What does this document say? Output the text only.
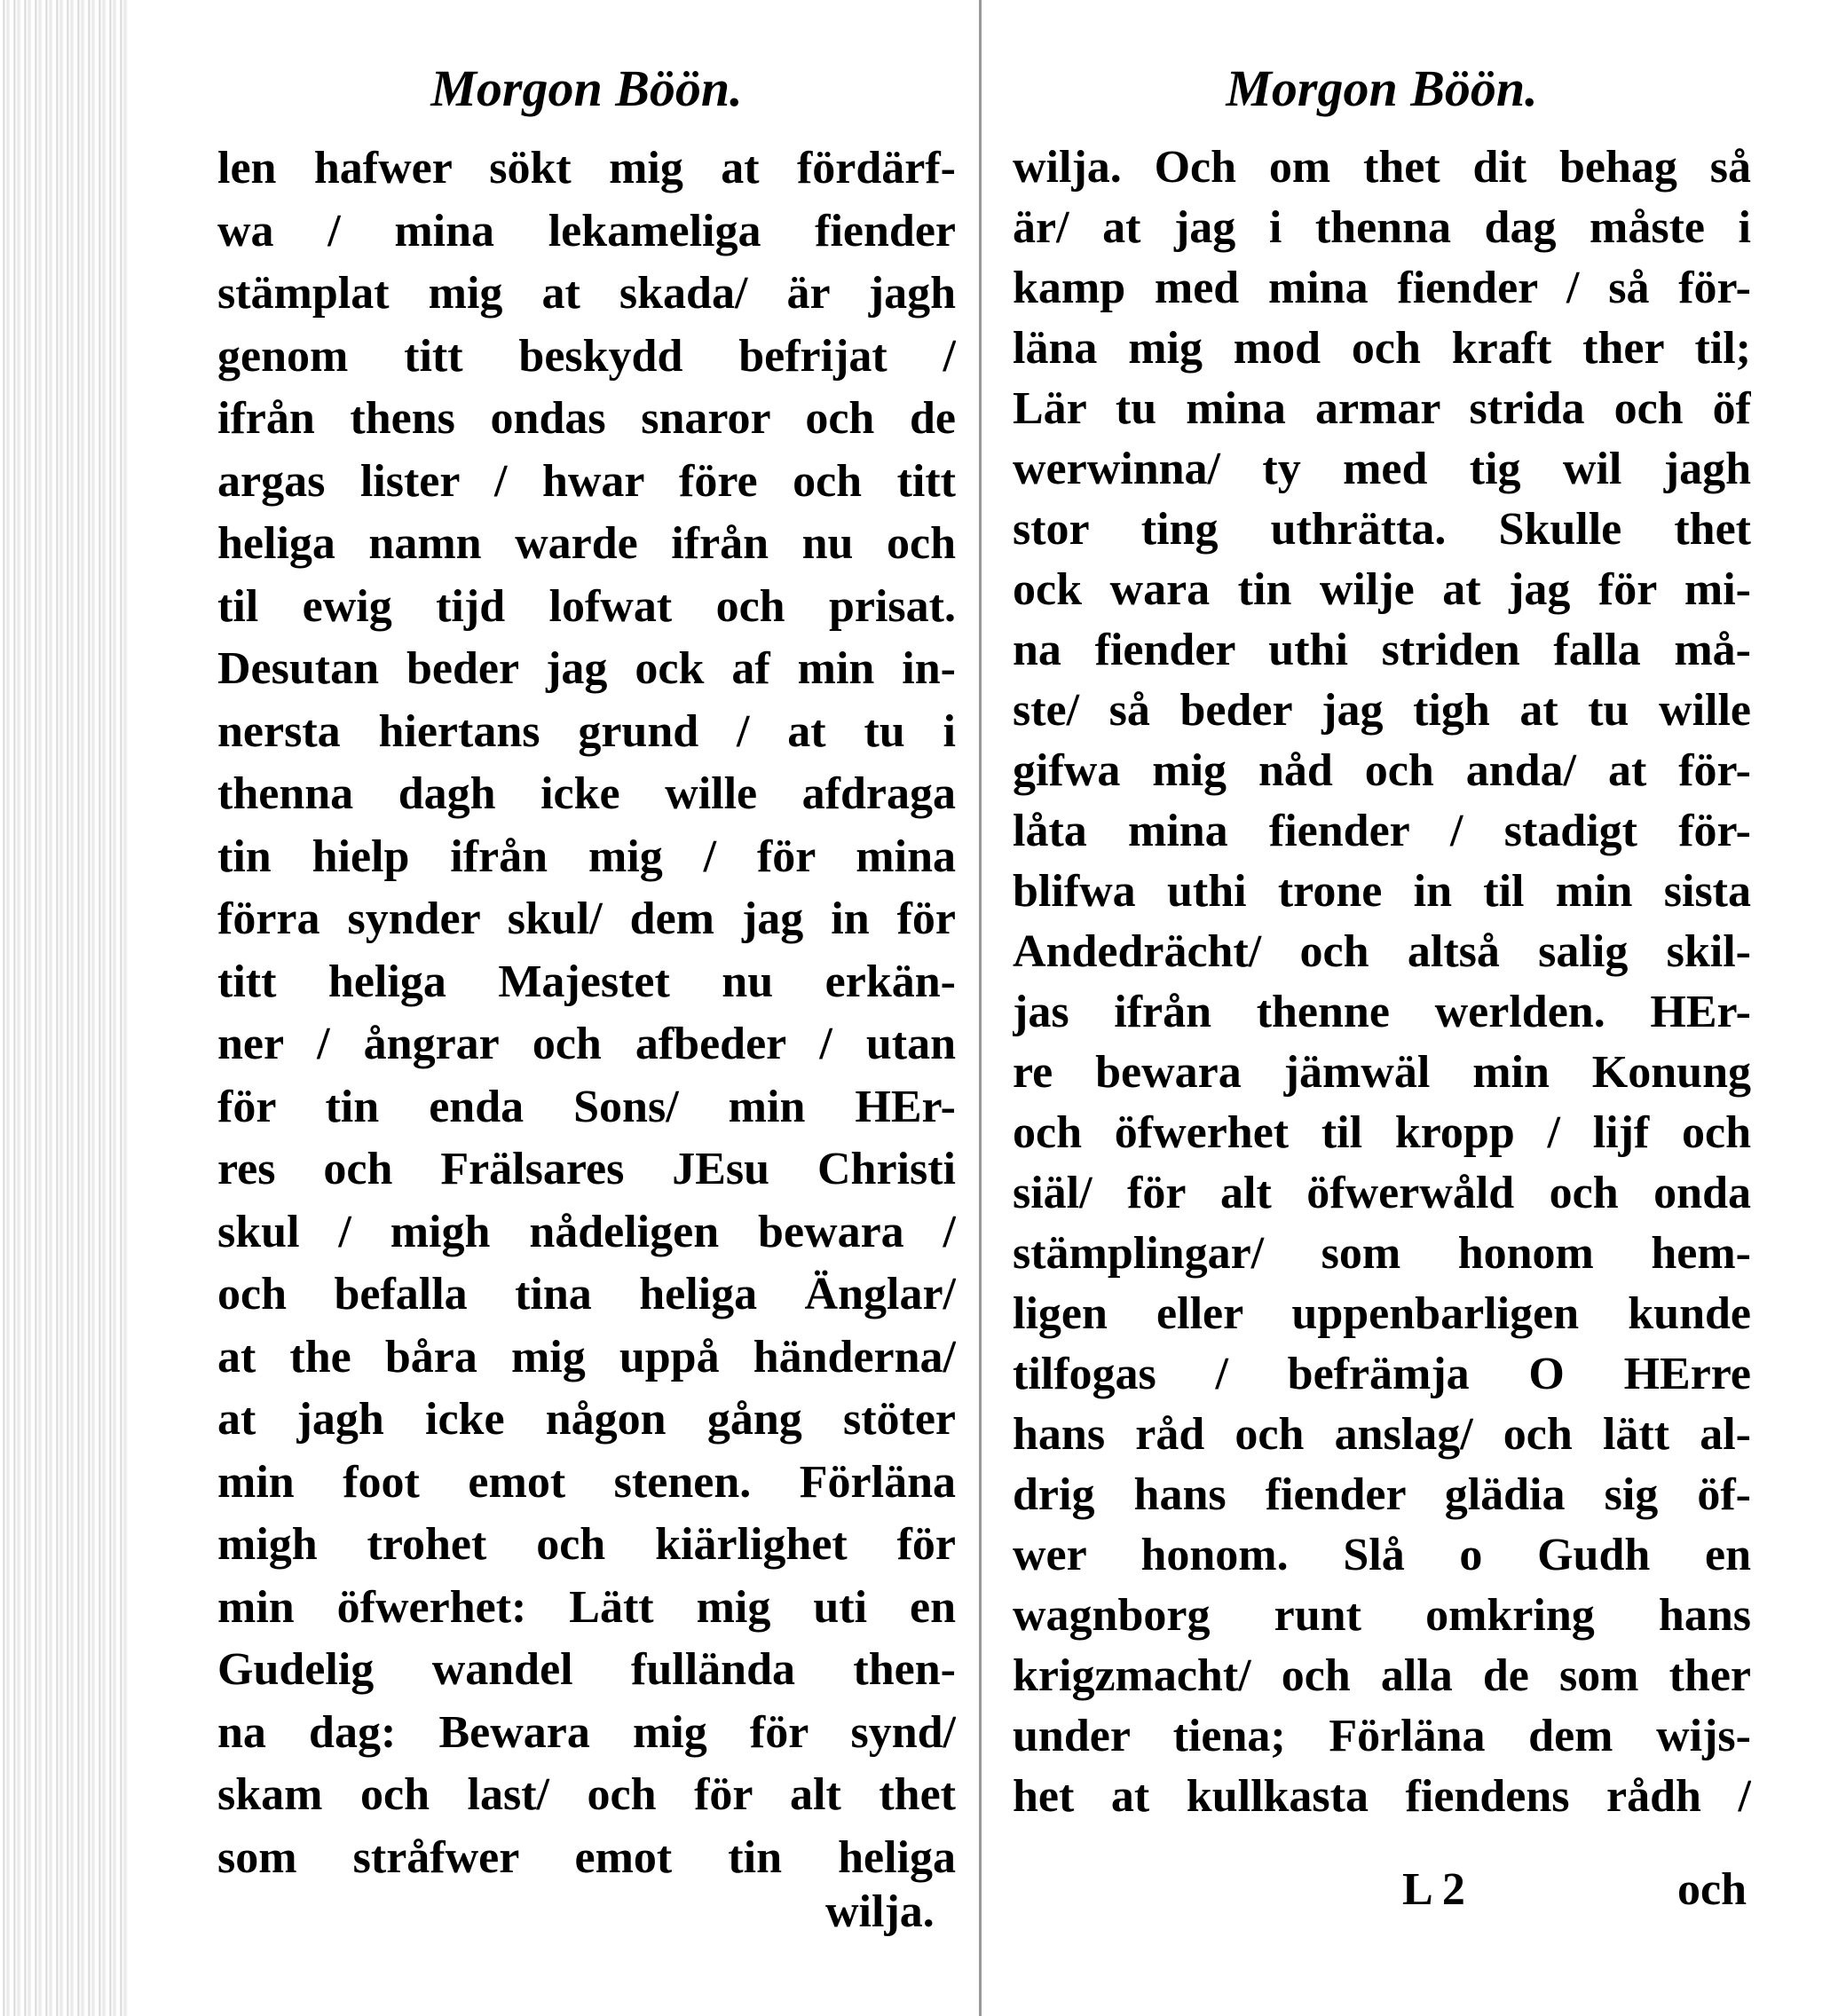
Morgon Böön.
len hafwer sökt mig at fördärf-
wa / mina lekameliga fiender
stämplat mig at skada/ är jagh
genom titt beskydd befrijat /
ifrån thens ondas snaror och de
argas lister / hwar före och titt
heliga namn warde ifrån nu och
til ewig tijd lofwat och prisat.
Desutan beder jag ock af min in-
nersta hiertans grund / at tu i
thenna dagh icke wille afdraga
tin hielp ifrån mig / för mina
förra synder skul/ dem jag in för
titt heliga Majestet nu erkän-
ner / ångrar och afbeder / utan
för tin enda Sons/ min HEr-
res och Frälsares JEsu Christi
skul / migh nådeligen bewara /
och befalla tina heliga Änglar/
at the båra mig uppå händerna/
at jagh icke någon gång stöter
min foot emot stenen. Förläna
migh trohet och kiärlighet för
min öfwerhet: Lätt mig uti en
Gudelig wandel fullända then-
na dag: Bewara mig för synd/
skam och last/ och för alt thet
som stråfwer emot tin heliga
wilja.
Morgon Böön.
wilja. Och om thet dit behag så
är/ at jag i thenna dag måste i
kamp med mina fiender / så för-
läna mig mod och kraft ther til;
Lär tu mina armar strida och öf
werwinna/ ty med tig wil jagh
stor ting uthrätta. Skulle thet
ock wara tin wilje at jag för mi-
na fiender uthi striden falla må-
ste/ så beder jag tigh at tu wille
gifwa mig nåd och anda/ at för-
låta mina fiender / stadigt för-
blifwa uthi trone in til min sista
Andedrächt/ och altså salig skil-
jas ifrån thenne werlden. HEr-
re bewara jämwäl min Konung
och öfwerhet til kropp / lijf och
siäl/ för alt öfwerwåld och onda
stämplingar/ som honom hem-
ligen eller uppenbarligen kunde
tilfogas / befrämja O HErre
hans råd och anslag/ och lätt al-
drig hans fiender glädia sig öf-
wer honom. Slå o Gudh en
wagnborg runt omkring hans
krigzmacht/ och alla de som ther
under tiena; Förläna dem wijs-
het at kullkasta fiendens rådh /
L 2	och
